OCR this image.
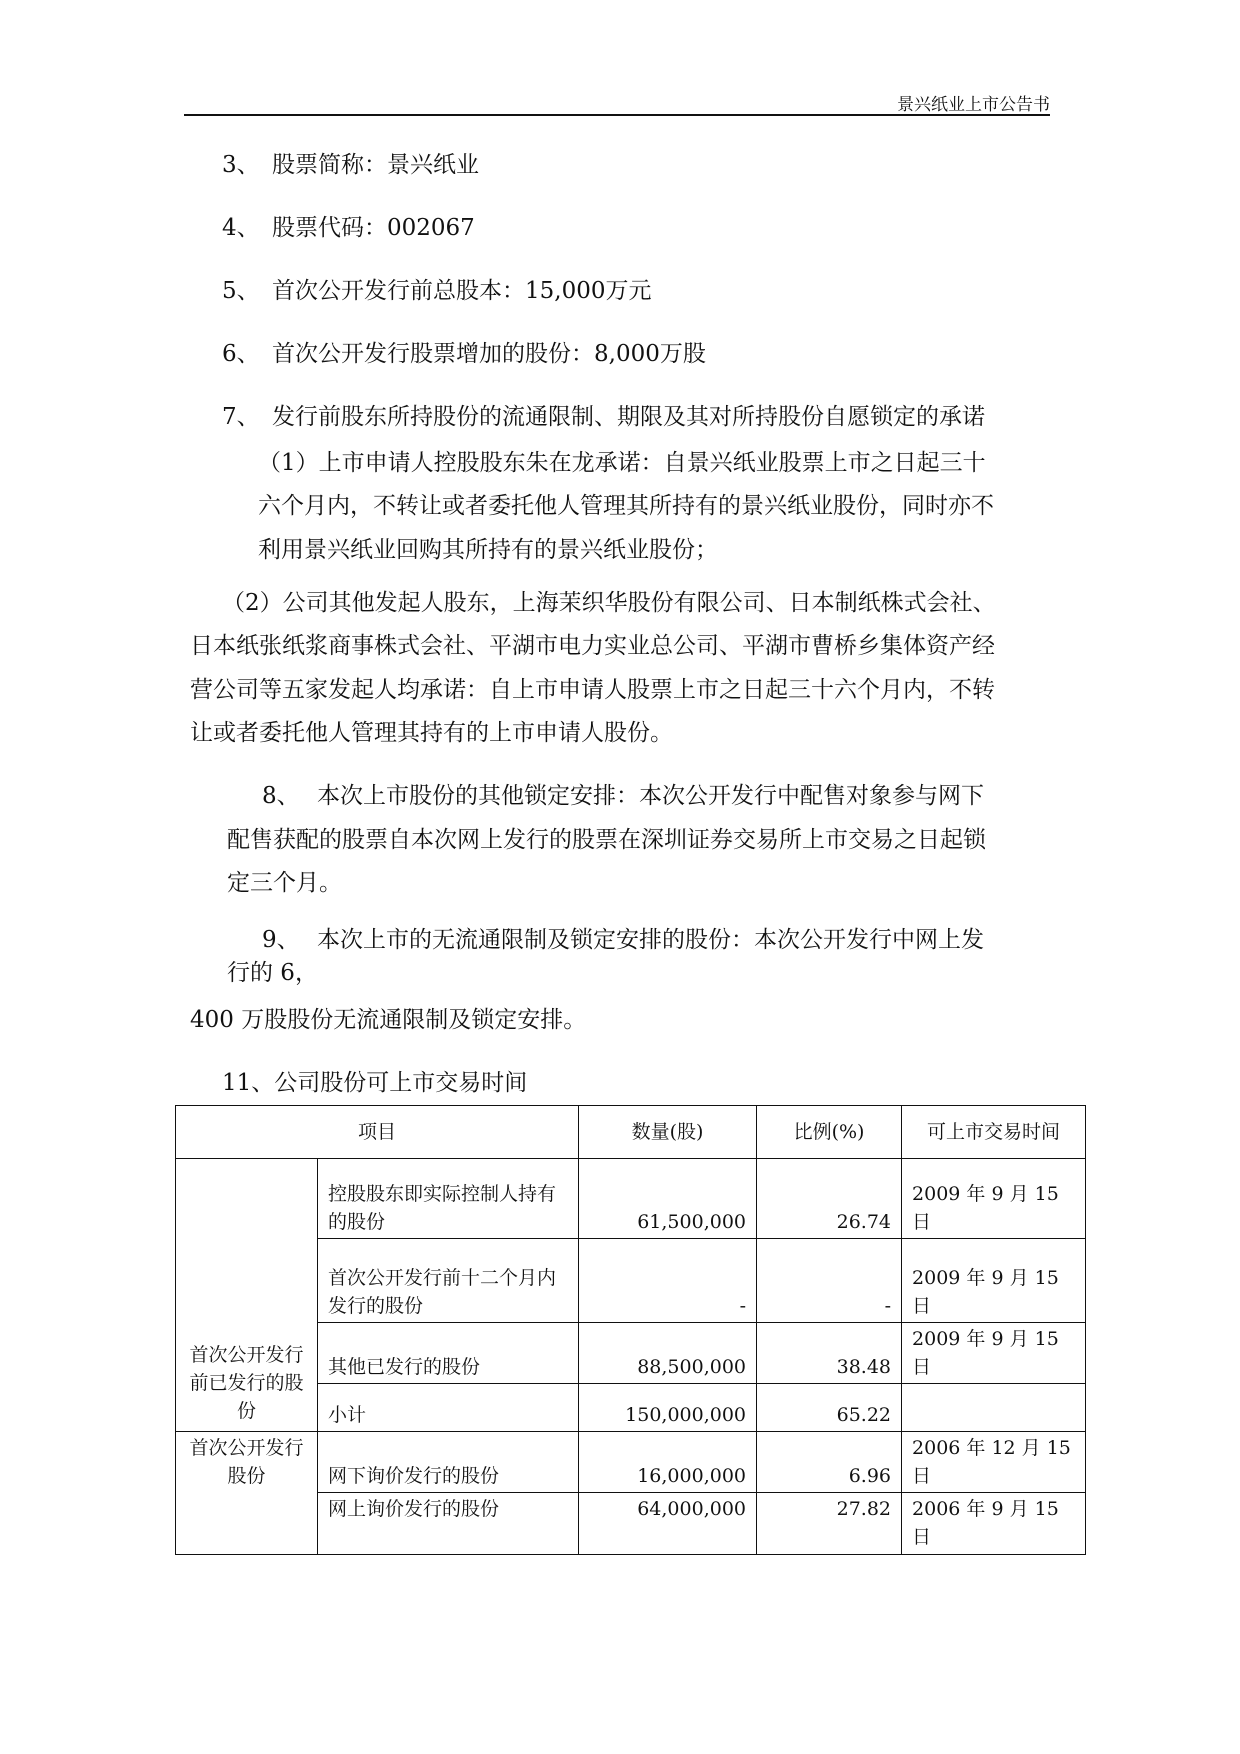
景兴纸业上市公告书
3、 股票简称：景兴纸业
4、 股票代码：002067
5、 首次公开发行前总股本：15,000万元
6、 首次公开发行股票增加的股份：8,000万股
7、 发行前股东所持股份的流通限制、期限及其对所持股份自愿锁定的承诺
（1）上市申请人控股股东朱在龙承诺：自景兴纸业股票上市之日起三十
六个月内，不转让或者委托他人管理其所持有的景兴纸业股份，同时亦不
利用景兴纸业回购其所持有的景兴纸业股份；
（2）公司其他发起人股东，上海茉织华股份有限公司、日本制纸株式会社、
日本纸张纸浆商事株式会社、平湖市电力实业总公司、平湖市曹桥乡集体资产经
营公司等五家发起人均承诺：自上市申请人股票上市之日起三十六个月内，不转
让或者委托他人管理其持有的上市申请人股份。
8、 本次上市股份的其他锁定安排：本次公开发行中配售对象参与网下
配售获配的股票自本次网上发行的股票在深圳证券交易所上市交易之日起锁
定三个月。
9、 本次上市的无流通限制及锁定安排的股份：本次公开发行中网上发
行的 6，
400 万股股份无流通限制及锁定安排。
11、公司股份可上市交易时间
项目		数量(股)	比例(%)	可上市交易时间
首次公开发行前已发行的股份	控股股东即实际控制人持有的股份	61,500,000	26.74	2009 年 9 月 15 日
	首次公开发行前十二个月内发行的股份	-	-	2009 年 9 月 15 日
	其他已发行的股份	88,500,000	38.48	2009 年 9 月 15 日
	小计	150,000,000	65.22	
首次公开发行股份	网下询价发行的股份	16,000,000	6.96	2006 年 12 月 15 日
	网上询价发行的股份	64,000,000	27.82	2006 年 9 月 15 日
